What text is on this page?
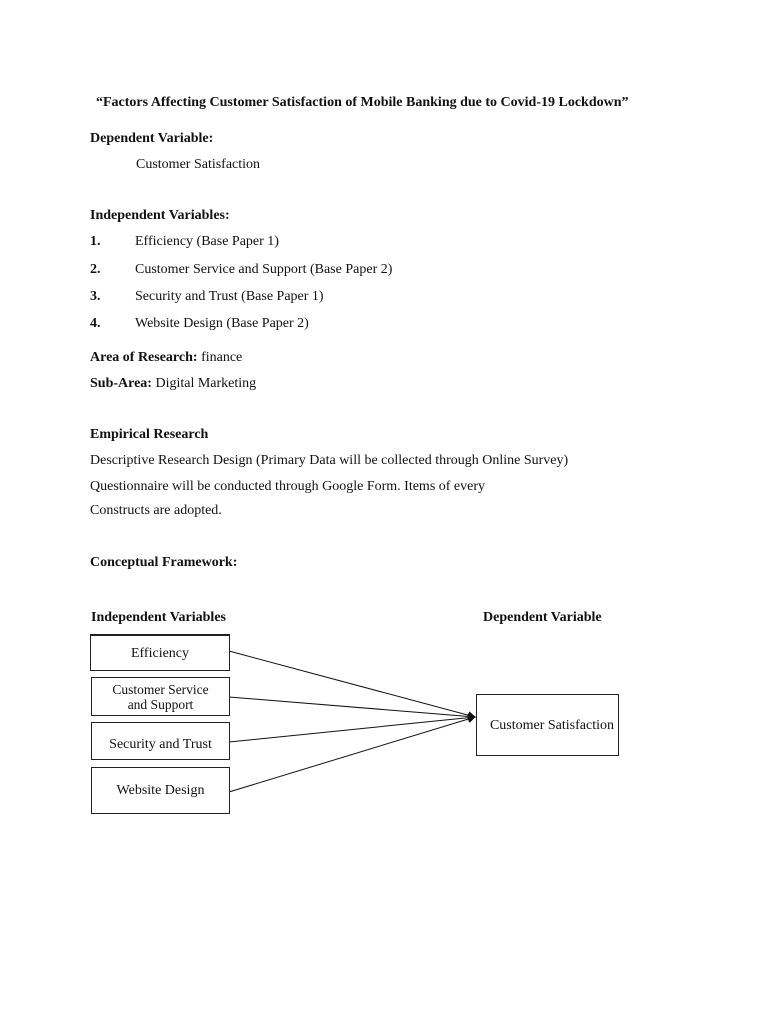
“Factors Affecting Customer Satisfaction of Mobile Banking due to Covid-19 Lockdown”
Dependent Variable:
Customer Satisfaction
Independent Variables:
1. Efficiency (Base Paper 1)
2. Customer Service and Support (Base Paper 2)
3. Security and Trust (Base Paper 1)
4. Website Design (Base Paper 2)
Area of Research: finance
Sub-Area: Digital Marketing
Empirical Research
Descriptive Research Design (Primary Data will be collected through Online Survey)
Questionnaire will be conducted through Google Form. Items of every
Constructs are adopted.
Conceptual Framework:
Independent Variables	Dependent Variable
Efficiency
Customer Service
and Support
Security and Trust
Website Design
Customer Satisfaction
